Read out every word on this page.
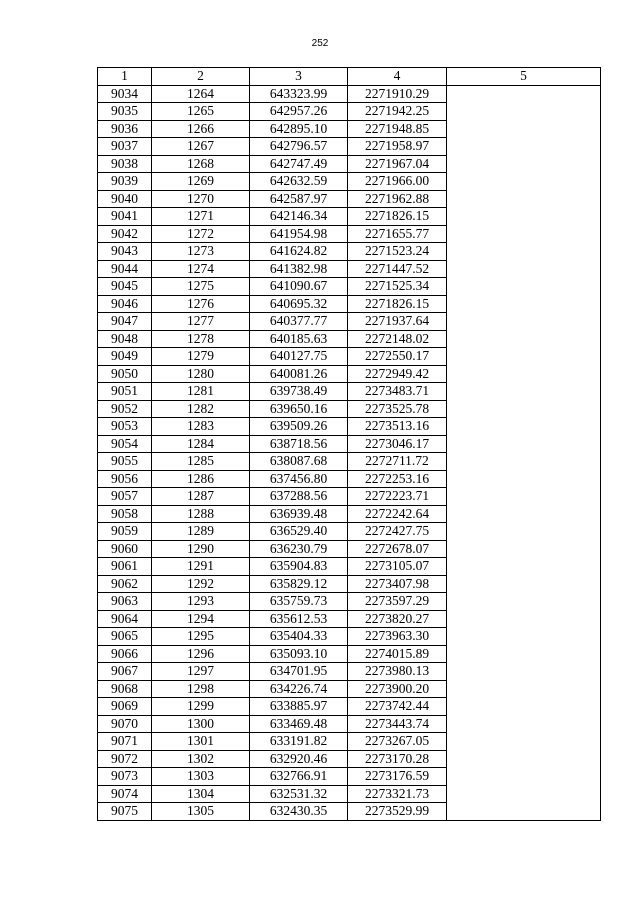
252
1	2	3	4	5
9034	1264	643323.99	2271910.29	
9035	1265	642957.26	2271942.25	
9036	1266	642895.10	2271948.85	
9037	1267	642796.57	2271958.97	
9038	1268	642747.49	2271967.04	
9039	1269	642632.59	2271966.00	
9040	1270	642587.97	2271962.88	
9041	1271	642146.34	2271826.15	
9042	1272	641954.98	2271655.77	
9043	1273	641624.82	2271523.24	
9044	1274	641382.98	2271447.52	
9045	1275	641090.67	2271525.34	
9046	1276	640695.32	2271826.15	
9047	1277	640377.77	2271937.64	
9048	1278	640185.63	2272148.02	
9049	1279	640127.75	2272550.17	
9050	1280	640081.26	2272949.42	
9051	1281	639738.49	2273483.71	
9052	1282	639650.16	2273525.78	
9053	1283	639509.26	2273513.16	
9054	1284	638718.56	2273046.17	
9055	1285	638087.68	2272711.72	
9056	1286	637456.80	2272253.16	
9057	1287	637288.56	2272223.71	
9058	1288	636939.48	2272242.64	
9059	1289	636529.40	2272427.75	
9060	1290	636230.79	2272678.07	
9061	1291	635904.83	2273105.07	
9062	1292	635829.12	2273407.98	
9063	1293	635759.73	2273597.29	
9064	1294	635612.53	2273820.27	
9065	1295	635404.33	2273963.30	
9066	1296	635093.10	2274015.89	
9067	1297	634701.95	2273980.13	
9068	1298	634226.74	2273900.20	
9069	1299	633885.97	2273742.44	
9070	1300	633469.48	2273443.74	
9071	1301	633191.82	2273267.05	
9072	1302	632920.46	2273170.28	
9073	1303	632766.91	2273176.59	
9074	1304	632531.32	2273321.73	
9075	1305	632430.35	2273529.99	
